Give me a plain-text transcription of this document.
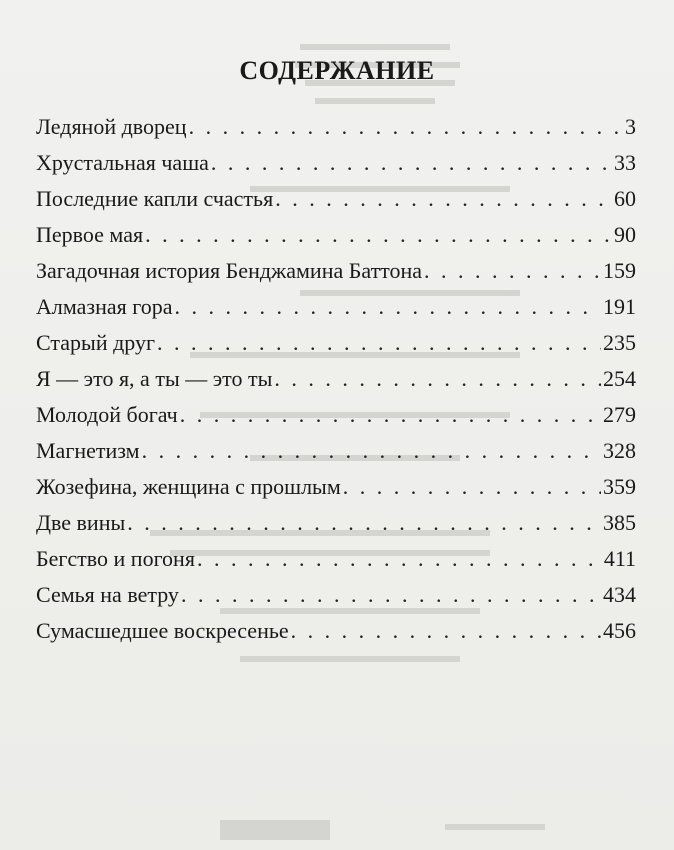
СОДЕРЖАНИЕ
Ледяной дворец . . .	3
Хрустальная чаша . . .	33
Последние капли счастья . . .	60
Первое мая . . .	90
Загадочная история Бенджамина Баттона . . .	159
Алмазная гора . . .	191
Старый друг . . .	235
Я — это я, а ты — это ты . . .	254
Молодой богач . . .	279
Магнетизм . . .	328
Жозефина, женщина с прошлым . . .	359
Две вины . . .	385
Бегство и погоня . . .	411
Семья на ветру . . .	434
Сумасшедшее воскресенье . . .	456
